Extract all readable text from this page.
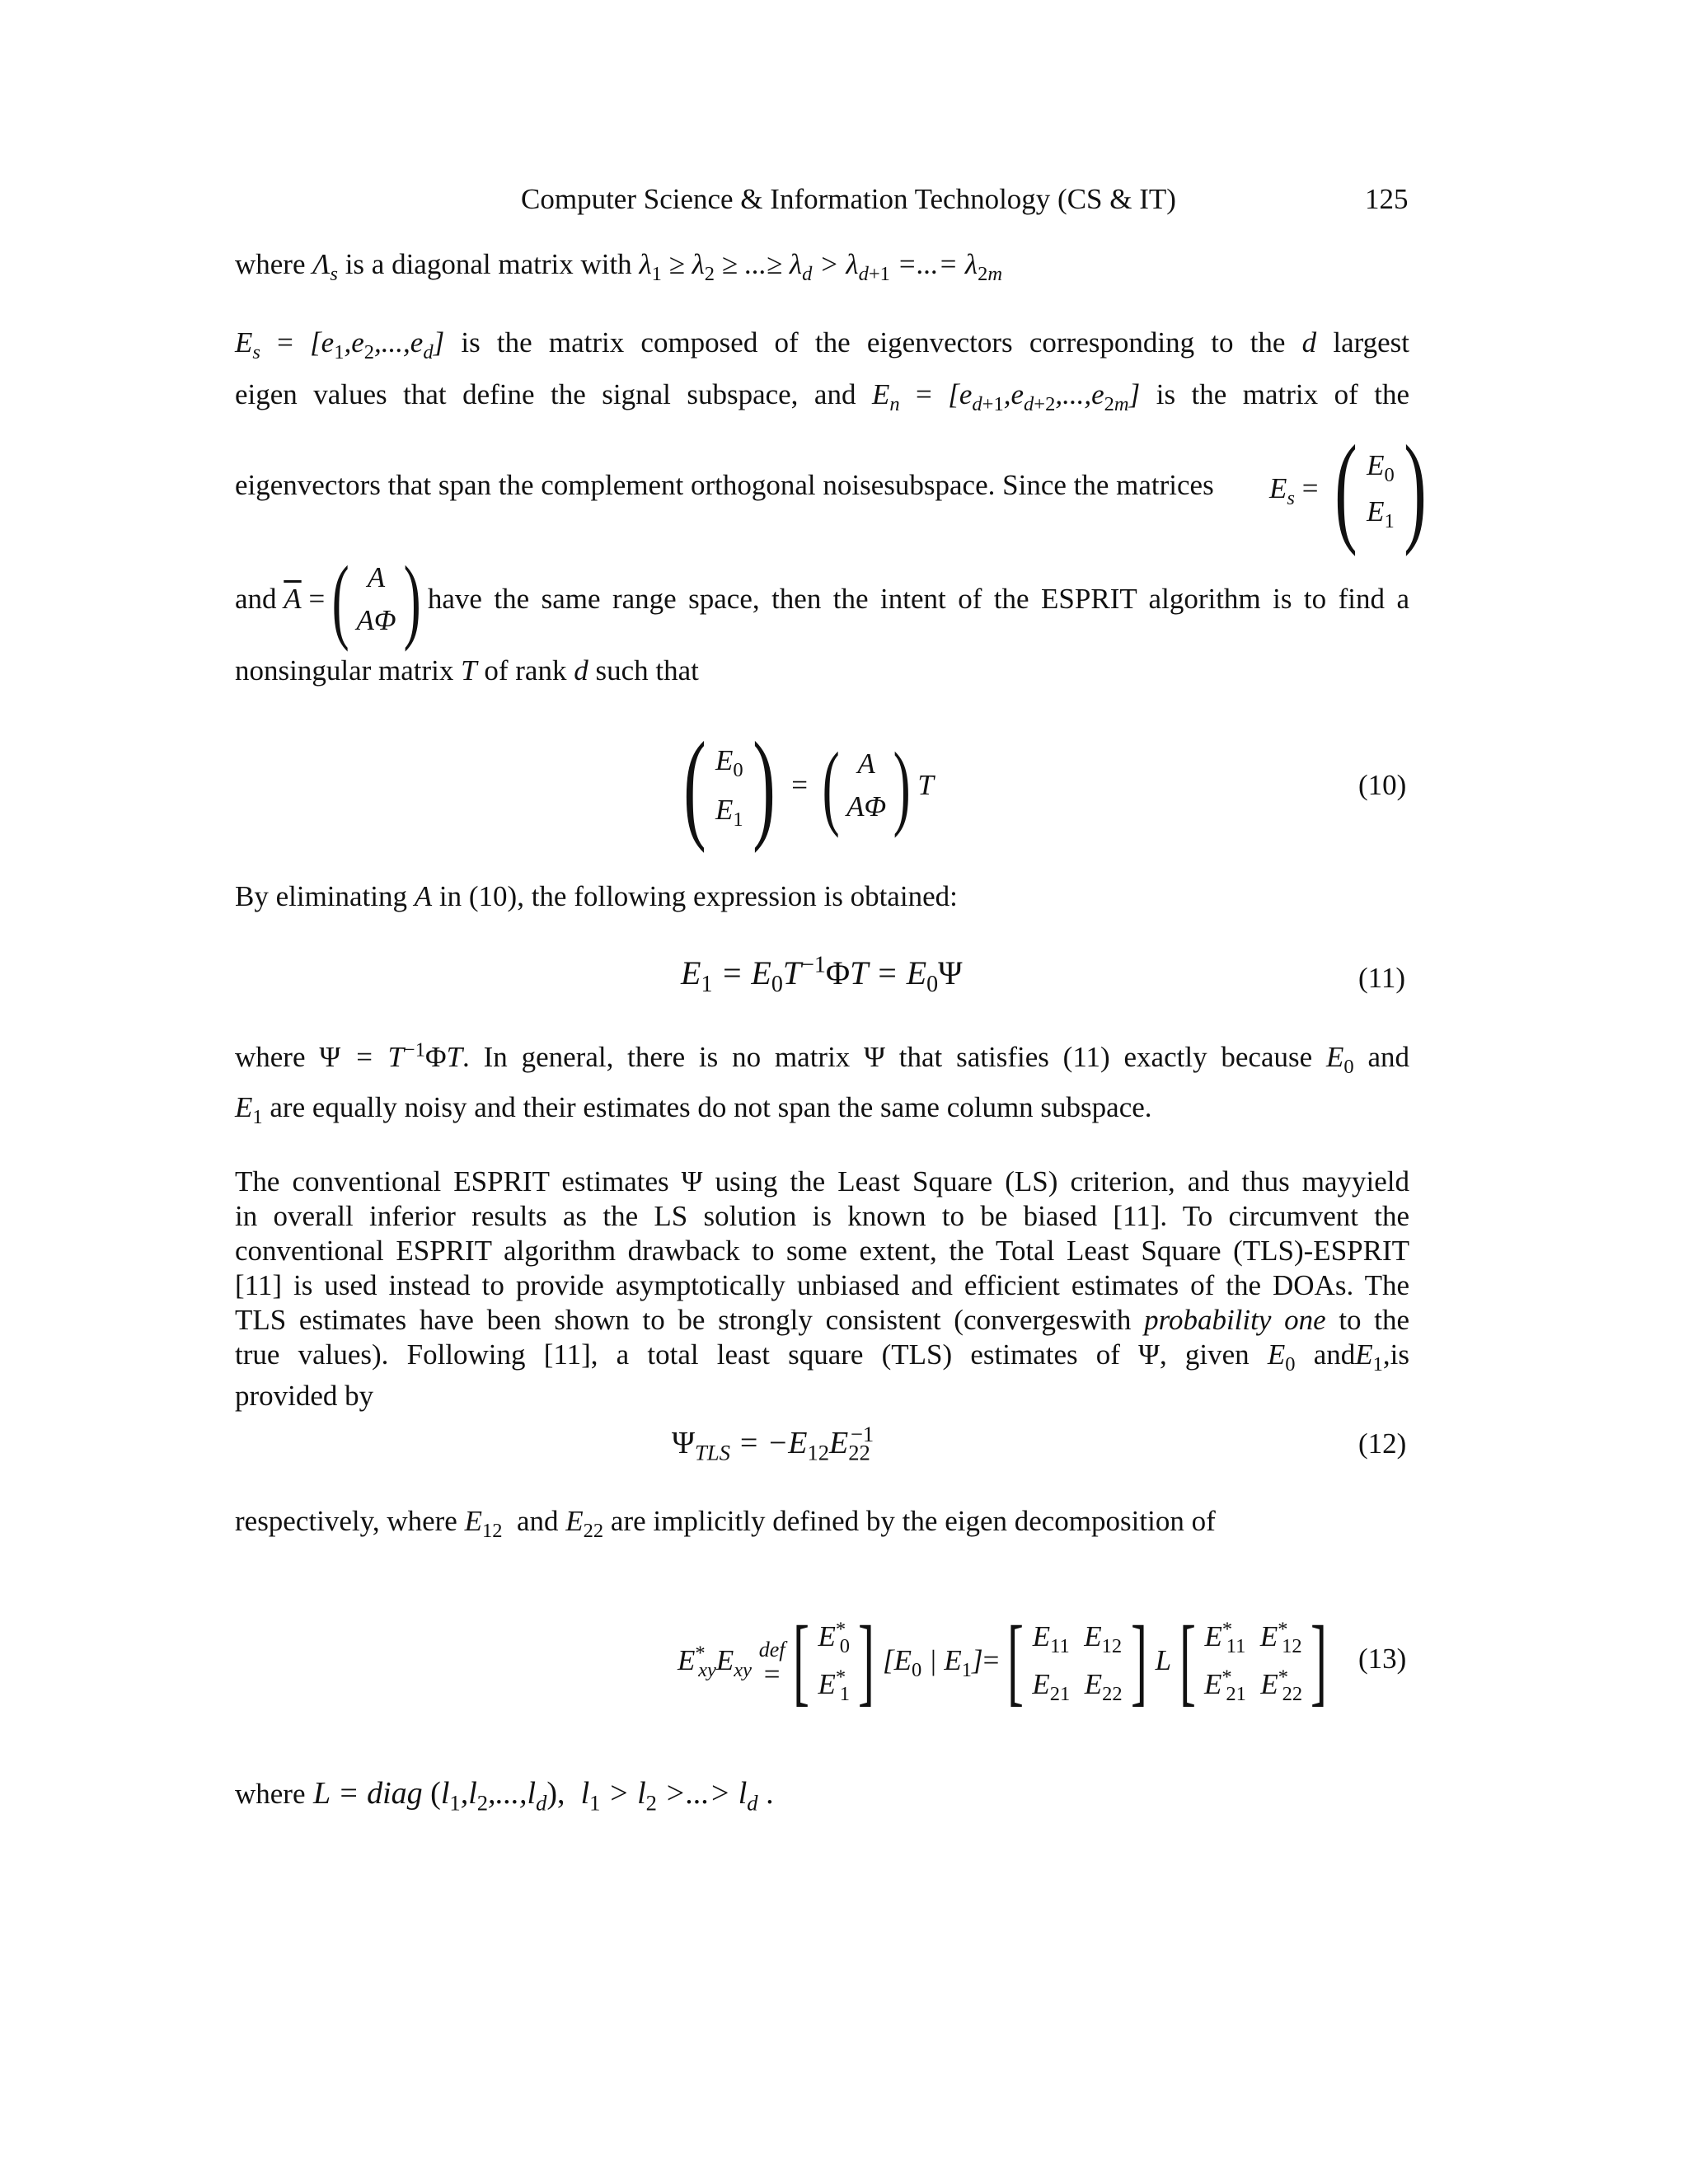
Computer Science & Information Technology (CS & IT)	125
where $\Lambda_s$ is a diagonal matrix with $\lambda_1 \ge \lambda_2$ ≥ ...≥ $\lambda_d > \lambda_{d+1}$ =...= $\lambda_{2m}$
$E_s = [e_1,e_2,...,e_d]$ is the matrix composed of the eigenvectors corresponding to the d largest
eigen values that define the signal subspace, and $E_n = [e_{d+1},e_{d+2},...,e_{2m}]$ is the matrix of the
eigenvectors that span the complement orthogonal noisesubspace. Since the matrices $E_s$ = ( $E_0$
$E_1$ )
and
$\overline{A}$ = ( A
AΦ ) have the same range space, then the intent of the ESPRIT algorithm is to find a
nonsingular matrix T of rank d such that
( $E_0$
$E_1$ ) = ( A
AΦ ) T	(10)
By eliminating A in (10), the following expression is obtained:
$E_1 = E_0T^{-1}\Phi T = E_0\Psi$	(11)
where $\Psi = T^{-1}\Phi T$. In general, there is no matrix Ψ that satisfies (11) exactly because $E_0$ and
$E_1$ are equally noisy and their estimates do not span the same column subspace.
The conventional ESPRIT estimates Ψ using the Least Square (LS) criterion, and thus mayyield
in overall inferior results as the LS solution is known to be biased [11]. To circumvent the
conventional ESPRIT algorithm drawback to some extent, the Total Least Square (TLS)-ESPRIT
[11] is used instead to provide asymptotically unbiased and efficient estimates of the DOAs. The
TLS estimates have been shown to be strongly consistent (convergeswith probability one to the
true values). Following [11], a total least square (TLS) estimates of Ψ, given $E_0$ andE$_1$,is
provided by
$\Psi_{TLS} = -E_{12}E_{22}^{-1}$	(12)
respectively, where $E_{12}$ and $E_{22}$ are implicitly defined by the eigen decomposition of
$E^*_{xy}E_{xy}$

def
= [ $E^*_0$
$E^*_1$ ] [$E_0$ | $E_1$] = [ $E_{11}$  $E_{12}$
$E_{21}$  $E_{22}$ ] L [ $E^*_{11}$  $E^*_{12}$
$E^*_{21}$  $E^*_{22}$ ] (13)
where L = diag $(l_1,l_2,...,l_d)$,  $l_1 > l_2$ >...> $l_d$ .
